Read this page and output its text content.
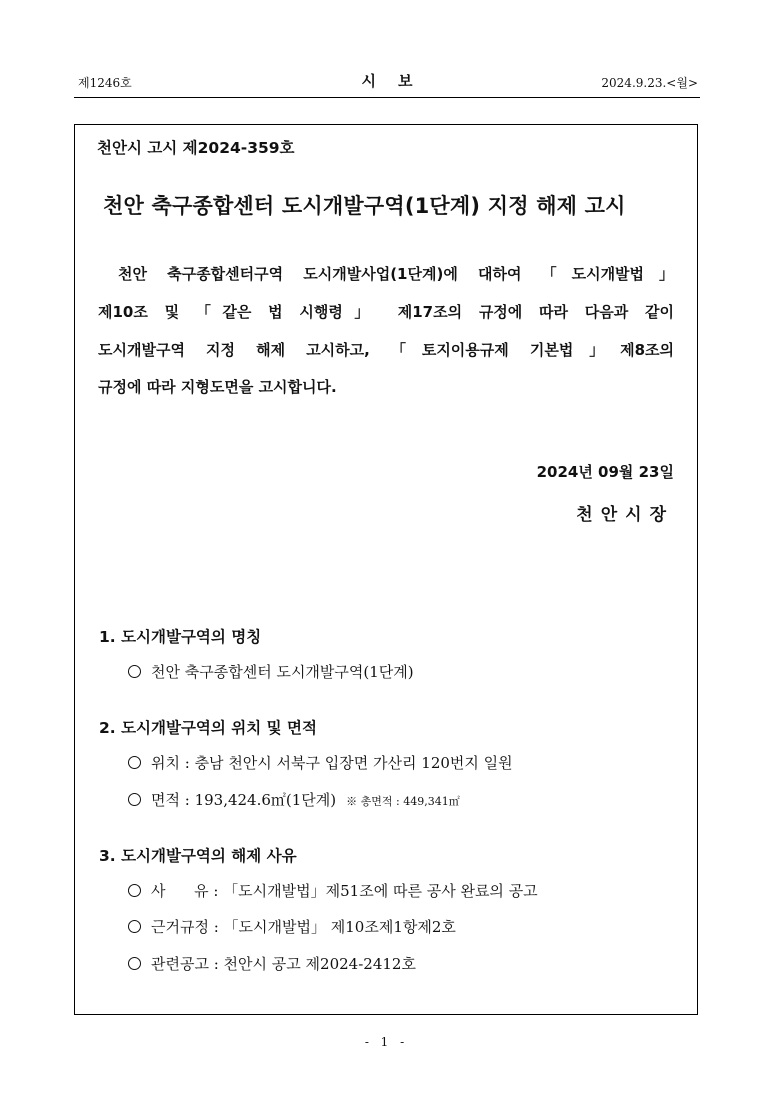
제1246호	시보	2024.9.23.<월>
천안시 고시 제2024-359호
천안 축구종합센터 도시개발구역(1단계) 지정 해제 고시
천안 축구종합센터구역 도시개발사업(1단계)에 대하여 「도시개발법」
제10조 및 「같은 법 시행령」 제17조의 규정에 따라 다음과 같이
도시개발구역 지정 해제 고시하고, 「토지이용규제 기본법」제8조의
규정에 따라 지형도면을 고시합니다.
2024년 09월 23일
천안시장
1. 도시개발구역의 명칭
천안 축구종합센터 도시개발구역(1단계)
2. 도시개발구역의 위치 및 면적
위치 : 충남 천안시 서북구 입장면 가산리 120번지 일원
면적 : 193,424.6㎡(1단계) ※ 총면적 : 449,341㎡
3. 도시개발구역의 해제 사유
사      유 : 「도시개발법」제51조에 따른 공사 완료의 공고
근거규정 : 「도시개발법」 제10조제1항제2호
관련공고 : 천안시 공고 제2024-2412호
- 1 -
